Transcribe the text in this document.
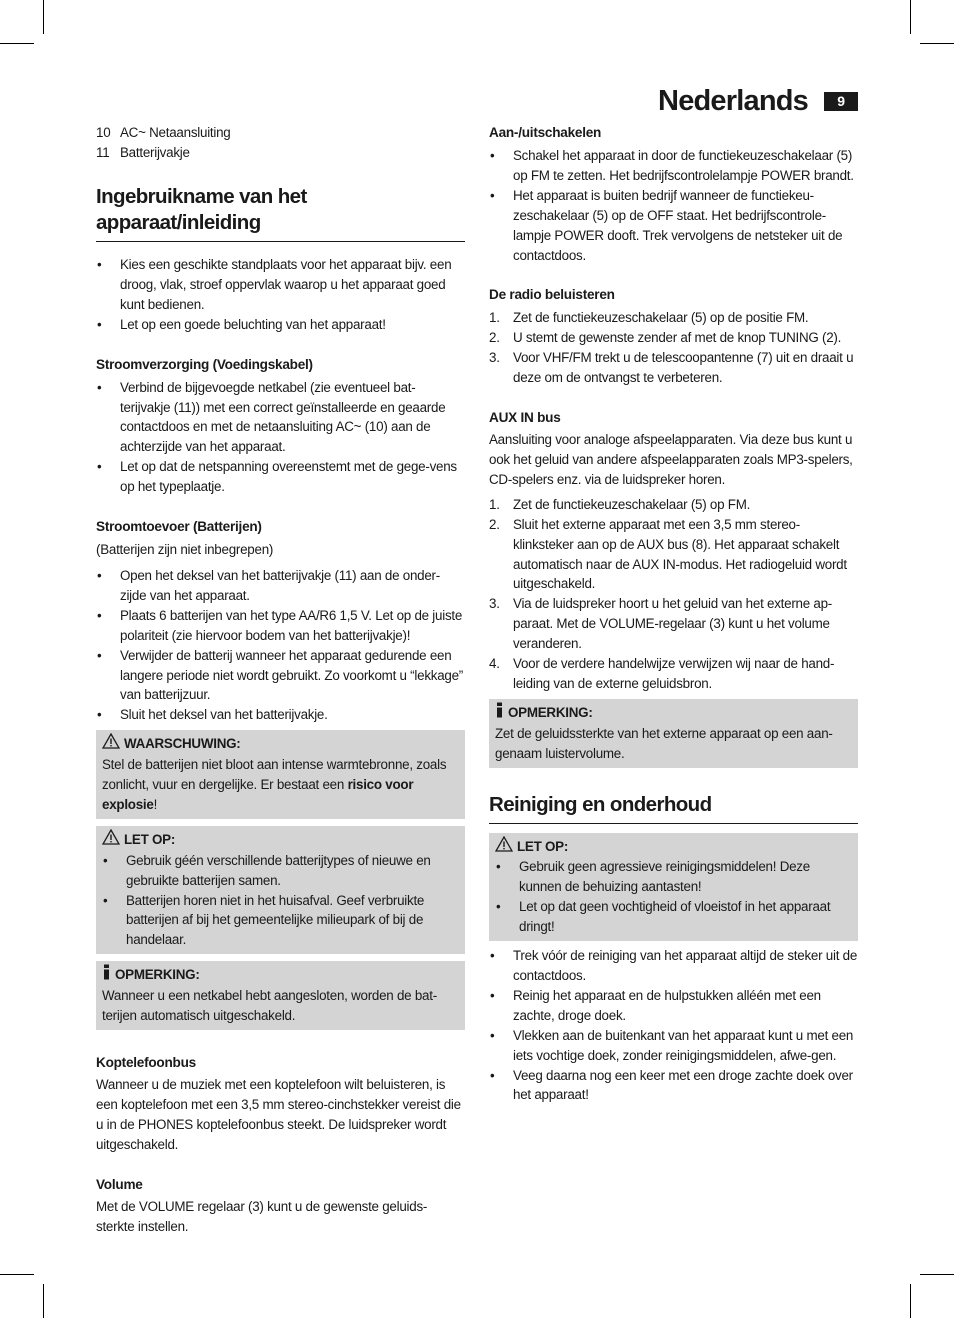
Nederlands	9
10 AC~ Netaansluiting
11 Batterijvakje
Ingebruikname van het apparaat/inleiding
• Kies een geschikte standplaats voor het apparaat bijv. een droog, vlak, stroef oppervlak waarop u het apparaat goed kunt bedienen.
• Let op een goede beluchting van het apparaat!
Stroomverzorging (Voedingskabel)
• Verbind de bijgevoegde netkabel (zie eventueel bat-terijvakje (11)) met een correct geïnstalleerde en geaarde contactdoos en met de netaansluiting AC~ (10) aan de achterzijde van het apparaat.
• Let op dat de netspanning overeenstemt met de gege-vens op het typeplaatje.
Stroomtoevoer (Batterijen)

(Batterijen zijn niet inbegrepen)

• Open het deksel van het batterijvakje (11) aan de onder-zijde van het apparaat.
• Plaats 6 batterijen van het type AA/R6 1,5 V. Let op de juiste polariteit (zie hiervoor bodem van het batterijvakje)!
• Verwijder de batterij wanneer het apparaat gedurende een langere periode niet wordt gebruikt. Zo voorkomt u “lekkage” van batterijzuur.
• Sluit het deksel van het batterijvakje.
WAARSCHUWING:

Stel de batterijen niet bloot aan intense warmtebronne, zoals zonlicht, vuur en dergelijke. Er bestaat een risico voor explosie!

LET OP:
• Gebruik géén verschillende batterijtypes of nieuwe en gebruikte batterijen samen.
• Batterijen horen niet in het huisafval. Geef verbruikte batterijen af bij het gemeentelijke milieupark of bij de handelaar.
OPMERKING:

Wanneer u een netkabel hebt aangesloten, worden de bat-terijen automatisch uitgeschakeld.

Koptelefoonbus

Wanneer u de muziek met een koptelefoon wilt beluisteren, is een koptelefoon met een 3,5 mm stereo-cinchstekker vereist die u in de PHONES koptelefoonbus steekt. De luidspreker wordt uitgeschakeld.

Volume

Met de VOLUME regelaar (3) kunt u de gewenste geluids-sterkte instellen.

Aan-/uitschakelen
• Schakel het apparaat in door de functiekeuzeschakelaar (5) op FM te zetten. Het bedrijfscontrolelampje POWER brandt.
• Het apparaat is buiten bedrijf wanneer de functiekeu-zeschakelaar (5) op de OFF staat. Het bedrijfscontrole-lampje POWER dooft. Trek vervolgens de netsteker uit de contactdoos.
De radio beluisteren
1. Zet de functiekeuzeschakelaar (5) op de positie FM.
2. U stemt de gewenste zender af met de knop TUNING (2).
3. Voor VHF/FM trekt u de telescoopantenne (7) uit en draait u deze om de ontvangst te verbeteren.
AUX IN bus

Aansluiting voor analoge afspeelapparaten. Via deze bus kunt u ook het geluid van andere afspeelapparaten zoals MP3-spelers, CD-spelers enz. via de luidspreker horen.

1. Zet de functiekeuzeschakelaar (5) op FM.
2. Sluit het externe apparaat met een 3,5 mm stereo-klinksteker aan op de AUX bus (8). Het apparaat schakelt automatisch naar de AUX IN-modus. Het radiogeluid wordt uitgeschakeld.
3. Via de luidspreker hoort u het geluid van het externe ap-paraat. Met de VOLUME-regelaar (3) kunt u het volume veranderen.
4. Voor de verdere handelwijze verwijzen wij naar de hand-leiding van de externe geluidsbron.
OPMERKING:

Zet de geluidssterkte van het externe apparaat op een aan-genaam luistervolume.

Reiniging en onderhoud
LET OP:
• Gebruik geen agressieve reinigingsmiddelen! Deze kunnen de behuizing aantasten!
• Let op dat geen vochtigheid of vloeistof in het apparaat dringt!
• Trek vóór de reiniging van het apparaat altijd de steker uit de contactdoos.
• Reinig het apparaat en de hulpstukken alléén met een zachte, droge doek.
• Vlekken aan de buitenkant van het apparaat kunt u met een iets vochtige doek, zonder reinigingsmiddelen, afwe-gen.
• Veeg daarna nog een keer met een droge zachte doek over het apparaat!
